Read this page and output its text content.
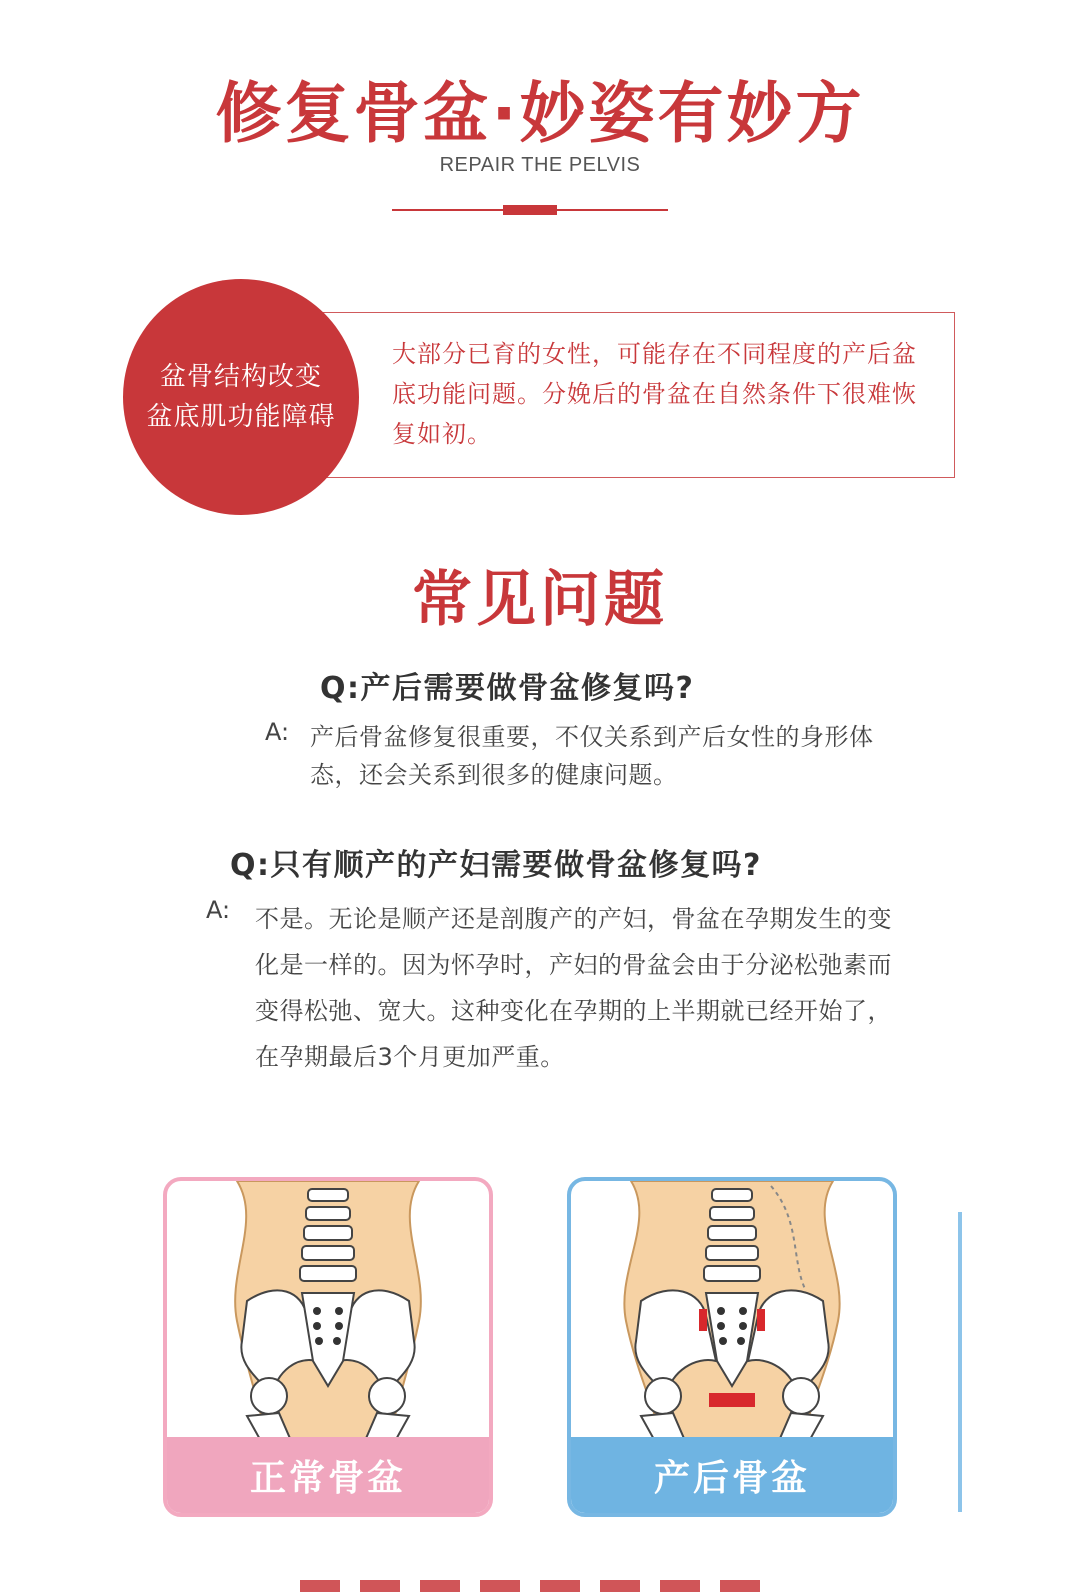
修复骨盆·妙姿有妙方
REPAIR THE PELVIS
大部分已育的女性，可能存在不同程度的产后盆底功能问题。分娩后的骨盆在自然条件下很难恢复如初。
盆骨结构改变
盆底肌功能障碍
常见问题
Q:产后需要做骨盆修复吗?
A: 产后骨盆修复很重要，不仅关系到产后女性的身形体态，还会关系到很多的健康问题。
Q:只有顺产的产妇需要做骨盆修复吗?
A: 不是。无论是顺产还是剖腹产的产妇，骨盆在孕期发生的变化是一样的。因为怀孕时，产妇的骨盆会由于分泌松弛素而变得松弛、宽大。这种变化在孕期的上半期就已经开始了，在孕期最后3个月更加严重。
正常骨盆	产后骨盆
